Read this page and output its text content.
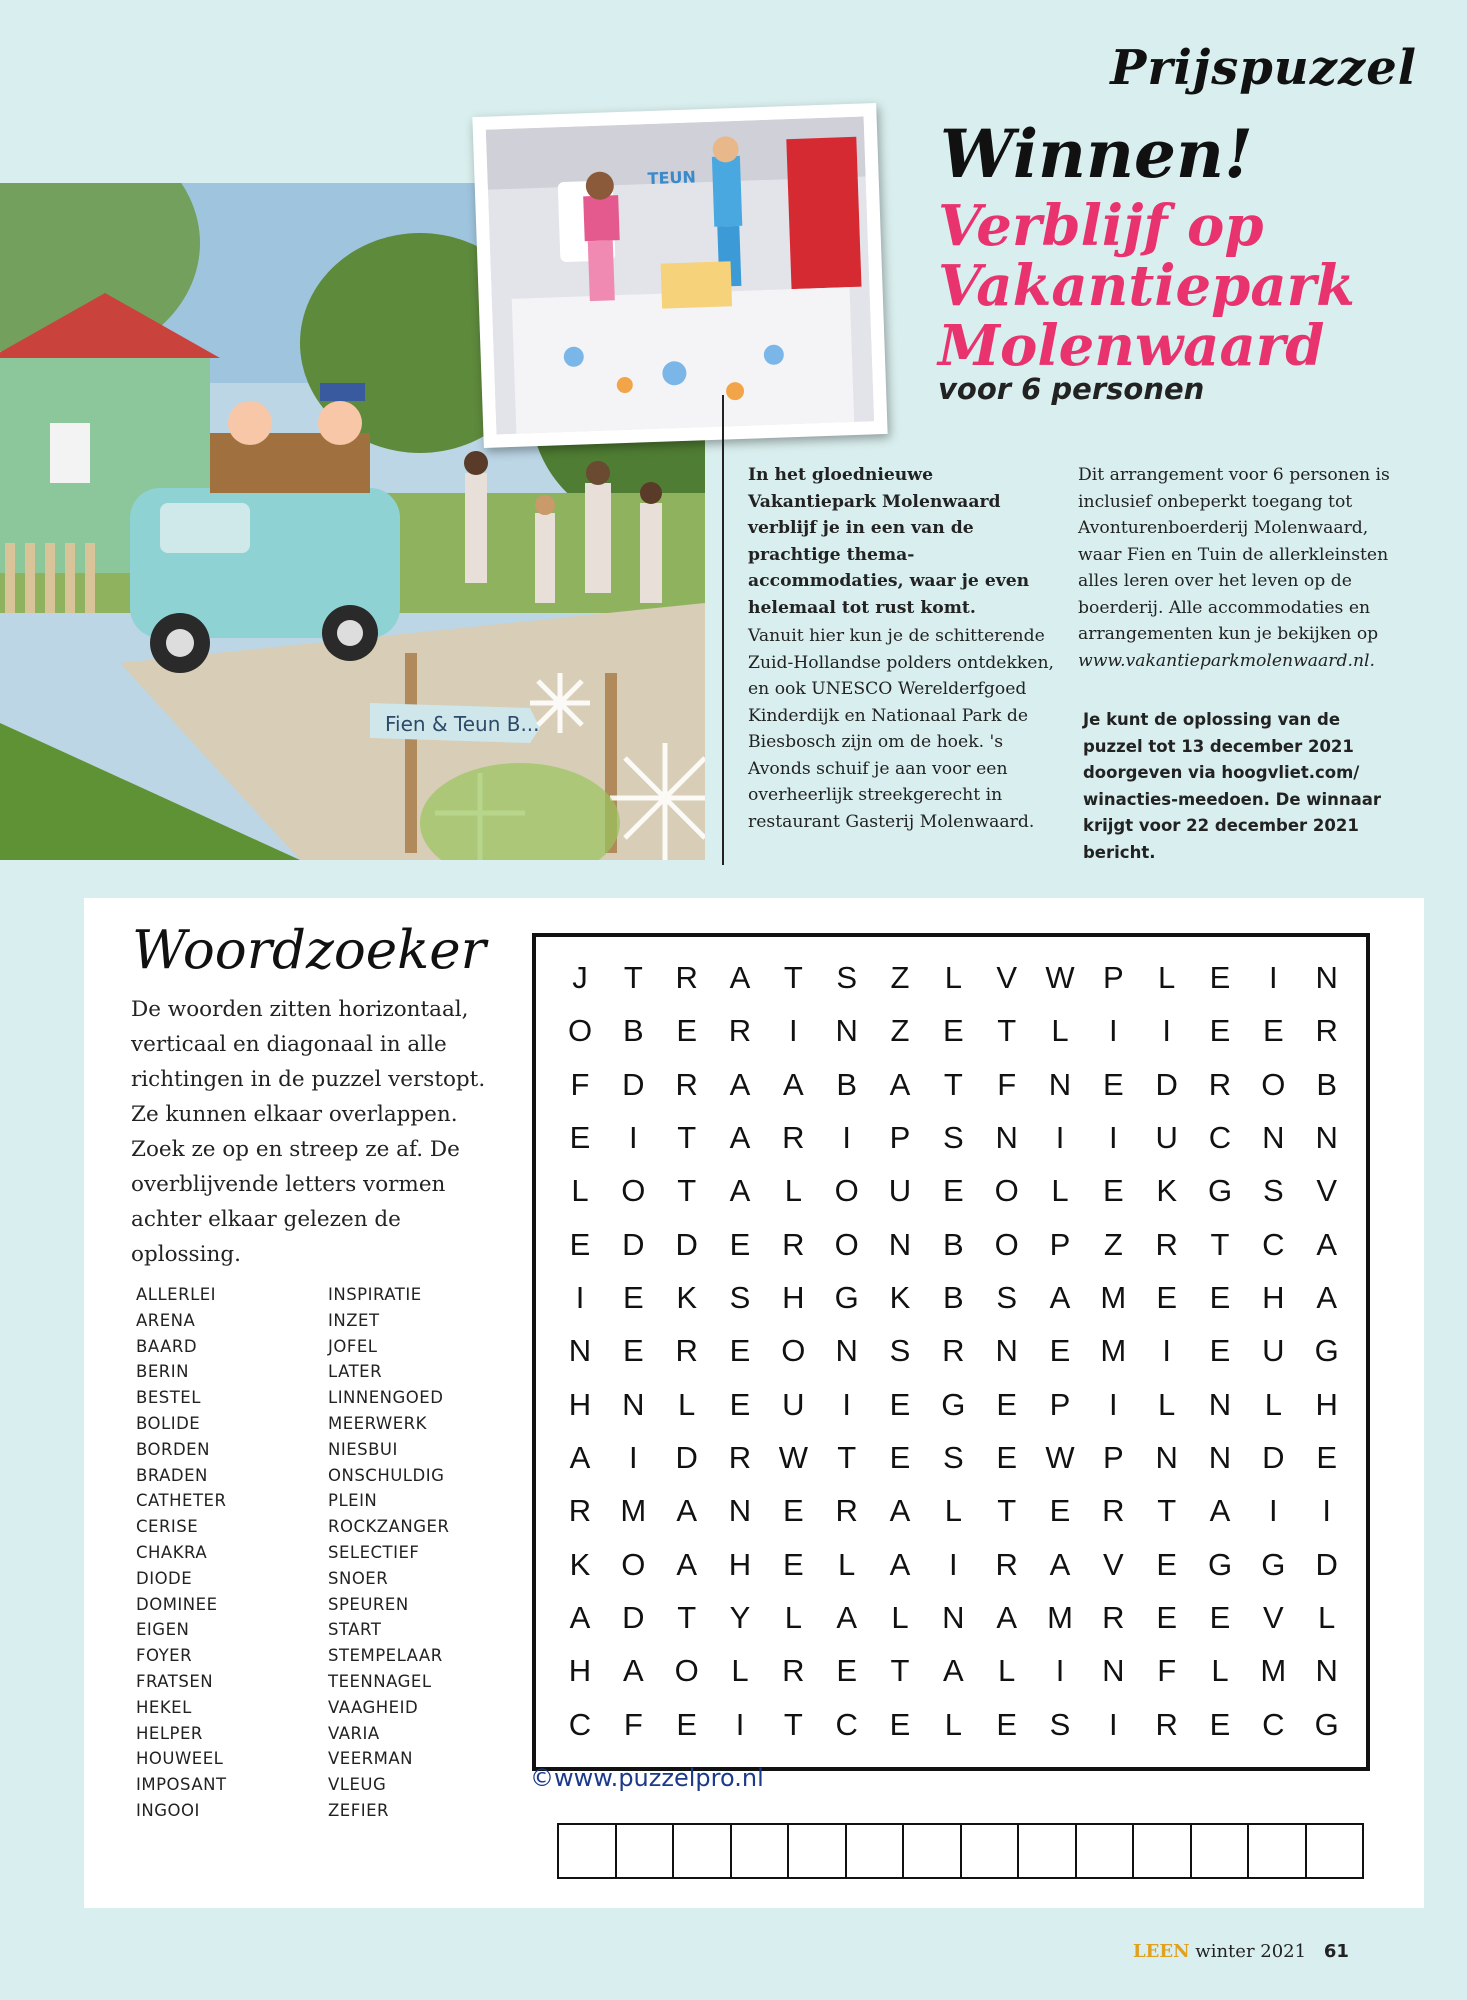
Prijspuzzel
Fien & Teun B...
TEUN	Winnen!
Verblijf op
Vakantiepark
Molenwaard
voor 6 personen
In het gloednieuwe Vakantiepark Molenwaard verblijf je in een van de prachtige thema-accommodaties, waar je even helemaal tot rust komt.
Vanuit hier kun je de schitterende Zuid-Hollandse polders ontdekken, en ook UNESCO Werelderfgoed Kinderdijk en Nationaal Park de Biesbosch zijn om de hoek. 's Avonds schuif je aan voor een overheerlijk streekgerecht in restaurant Gasterij Molenwaard.
Dit arrangement voor 6 personen is inclusief onbeperkt toegang tot Avonturenboerderij Molenwaard, waar Fien en Tuin de allerkleinsten alles leren over het leven op de boerderij. Alle accommodaties en arrangementen kun je bekijken op www.vakantieparkmolenwaard.nl.
Je kunt de oplossing van de puzzel tot 13 december 2021 doorgeven via hoogvliet.com/ winacties-meedoen. De winnaar krijgt voor 22 december 2021 bericht.
Woordzoeker
De woorden zitten horizontaal, verticaal en diagonaal in alle richtingen in de puzzel verstopt. Ze kunnen elkaar overlappen. Zoek ze op en streep ze af. De overblijvende letters vormen achter elkaar gelezen de oplossing.
ALLERLEI
ARENA
BAARD
BERIN
BESTEL
BOLIDE
BORDEN
BRADEN
CATHETER
CERISE
CHAKRA
DIODE
DOMINEE
EIGEN
FOYER
FRATSEN
HEKEL
HELPER
HOUWEEL
IMPOSANT
INGOOI
INSPIRATIE
INZET
JOFEL
LATER
LINNENGOED
MEERWERK
NIESBUI
ONSCHULDIG
PLEIN
ROCKZANGER
SELECTIEF
SNOER
SPEUREN
START
STEMPELAAR
TEENNAGEL
VAAGHEID
VARIA
VEERMAN
VLEUG
ZEFIER
J	T	R	A	T	S	Z	L	V W P	L	E	I	N
O B	E	R	I	N	Z	E	T	L	I	I	E	E	R
F	D R	A	A	B	A	T	F	N	E	D R O B
E	I	T	A	R	I	P	S	N	I	I	U C N N
L	O	T	A	L	O U	E O	L	E	K G S	V
E	D D	E	R O N	B O P	Z	R	T	C	A
I	E	K	S	H G K	B	S	A M E	E	H	A
N	E	R	E O N	S	R N	E M	I	E	U G
H N	L	E	U	I	E G E	P	I	L	N	L	H
A	I	D R W T	E	S	E W P	N N D	E
R M A	N	E	R	A	L	T	E	R	T	A	I	I
K O A	H	E	L	A	I	R	A	V	E G G D
A	D	T	Y	L	A	L	N	A M R	E	E	V	L
H	A O	L	R	E	T	A	L	I	N	F	L	M N
C	F	E	I	T	C	E	L	E	S	I	R	E	C G
©www.puzzelpro.nl
LEEN winter 2021 61
